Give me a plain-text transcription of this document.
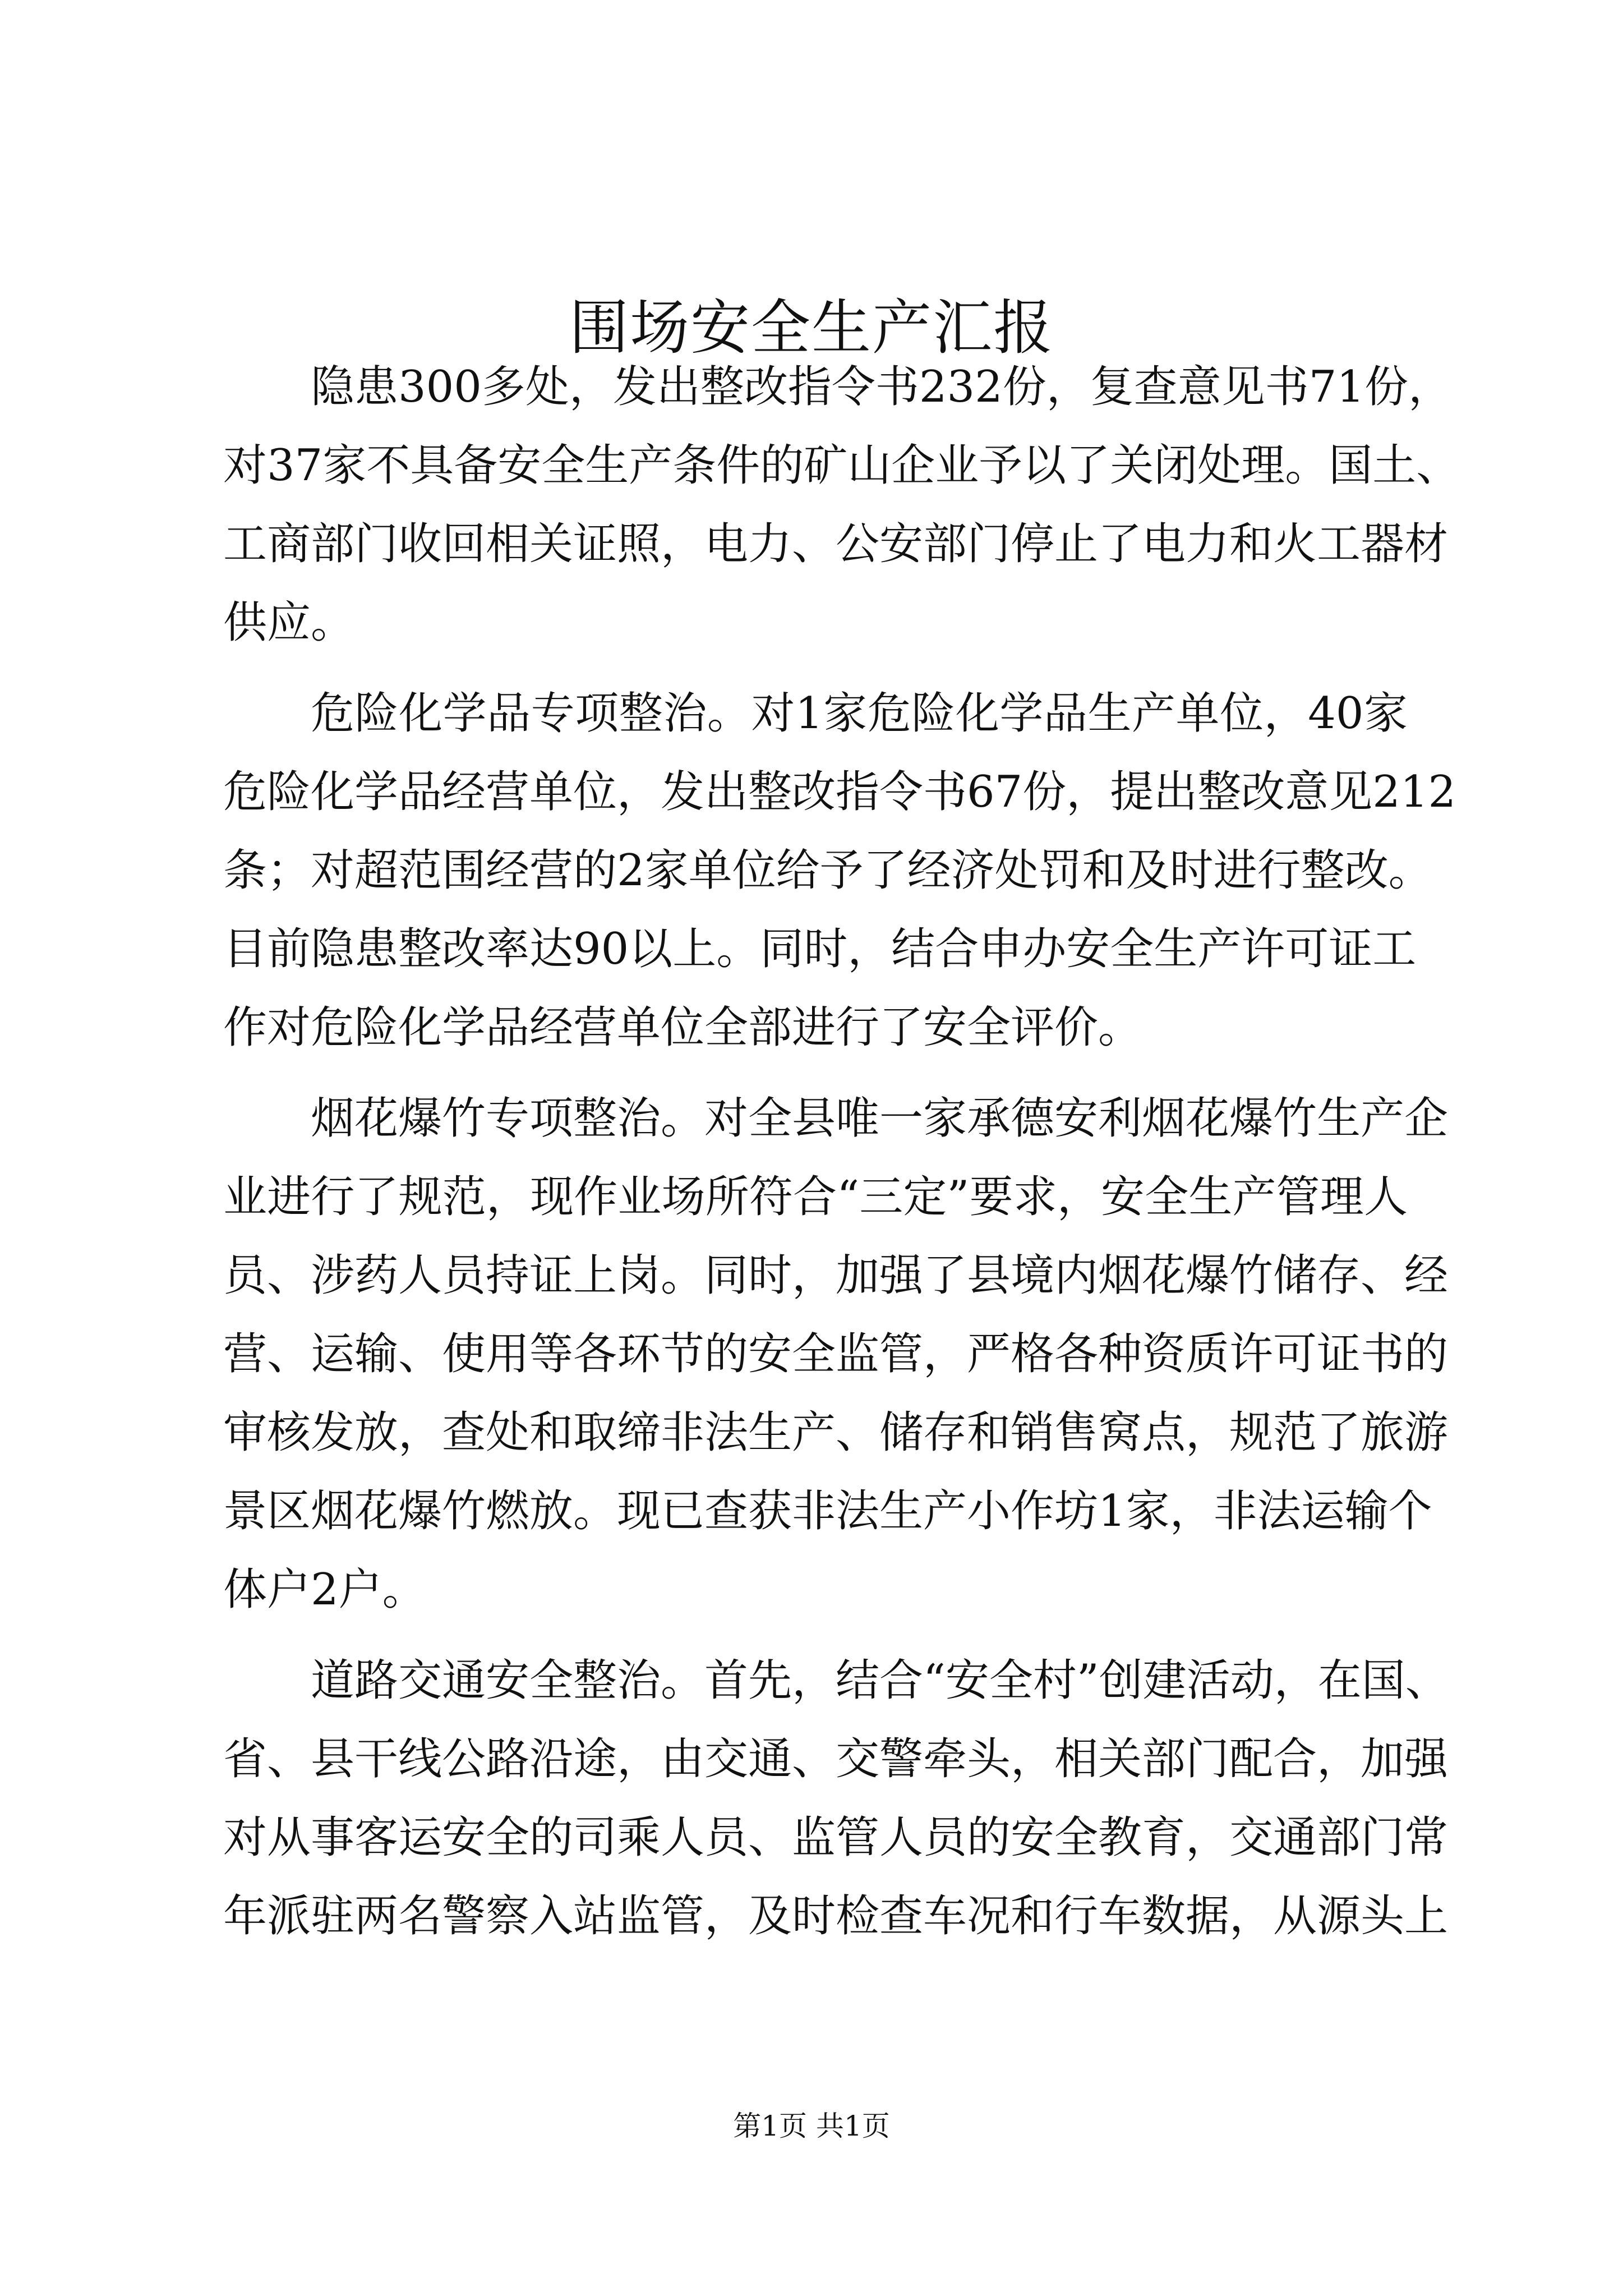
围场安全生产汇报
隐患300多处，发出整改指令书232份，复查意见书71份，
对37家不具备安全生产条件的矿山企业予以了关闭处理。国土、
工商部门收回相关证照，电力、公安部门停止了电力和火工器材
供应。
危险化学品专项整治。对1家危险化学品生产单位，40家
危险化学品经营单位，发出整改指令书67份，提出整改意见212
条；对超范围经营的2家单位给予了经济处罚和及时进行整改。
目前隐患整改率达90以上。同时，结合申办安全生产许可证工
作对危险化学品经营单位全部进行了安全评价。
烟花爆竹专项整治。对全县唯一家承德安利烟花爆竹生产企
业进行了规范，现作业场所符合“三定”要求，安全生产管理人
员、涉药人员持证上岗。同时，加强了县境内烟花爆竹储存、经
营、运输、使用等各环节的安全监管，严格各种资质许可证书的
审核发放，查处和取缔非法生产、储存和销售窝点，规范了旅游
景区烟花爆竹燃放。现已查获非法生产小作坊1家，非法运输个
体户2户。
道路交通安全整治。首先，结合“安全村”创建活动，在国、
省、县干线公路沿途，由交通、交警牵头，相关部门配合，加强
对从事客运安全的司乘人员、监管人员的安全教育，交通部门常
年派驻两名警察入站监管，及时检查车况和行车数据，从源头上
第1页 共1页
